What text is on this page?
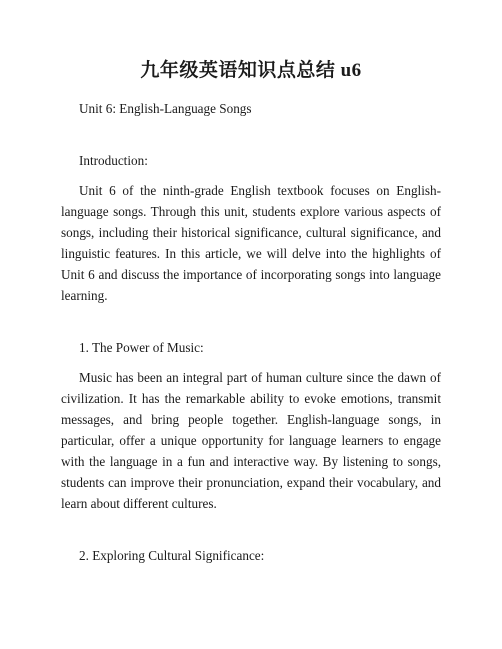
九年级英语知识点总结 u6

Unit 6: English-Language Songs

Introduction:

Unit 6 of the ninth-grade English textbook focuses on English-language songs. Through this unit, students explore various aspects of songs, including their historical significance, cultural significance, and linguistic features. In this article, we will delve into the highlights of Unit 6 and discuss the importance of incorporating songs into language learning.

1. The Power of Music:

Music has been an integral part of human culture since the dawn of civilization. It has the remarkable ability to evoke emotions, transmit messages, and bring people together. English-language songs, in particular, offer a unique opportunity for language learners to engage with the language in a fun and interactive way. By listening to songs, students can improve their pronunciation, expand their vocabulary, and learn about different cultures.

2. Exploring Cultural Significance:
